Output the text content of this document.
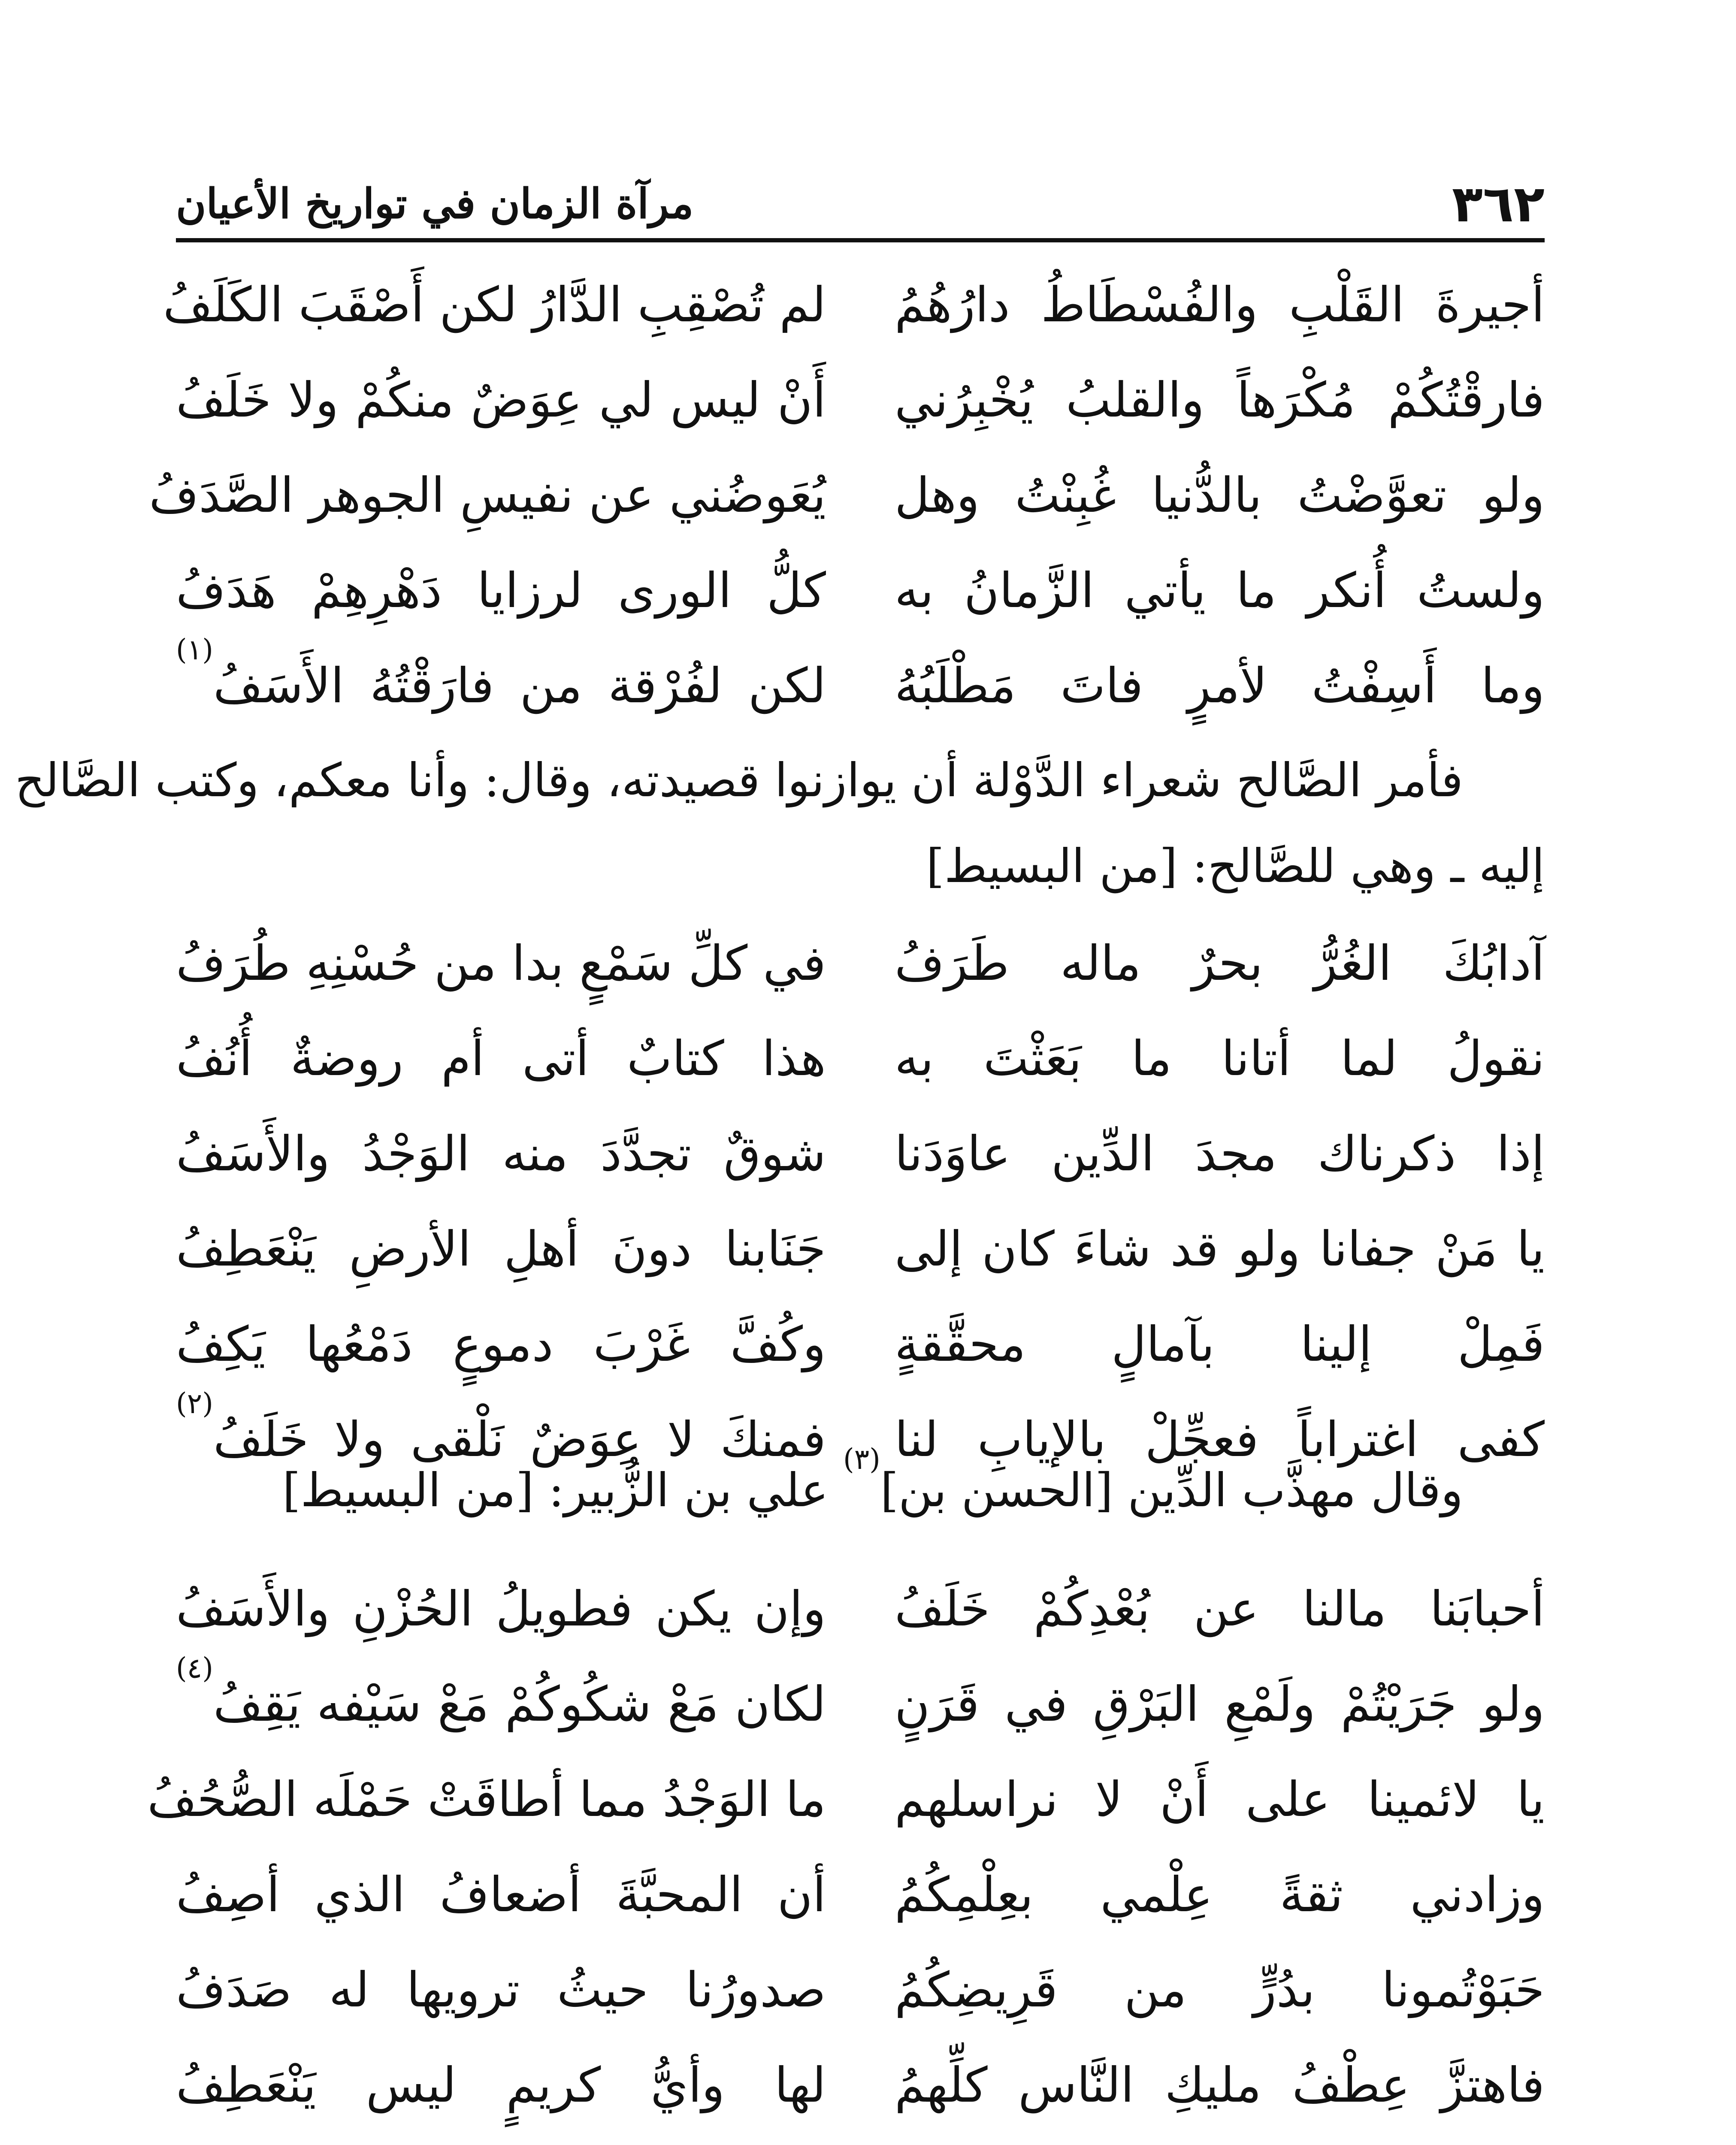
٣٦٢
مرآة الزمان في تواريخ الأعيان
أجيرةَ القَلْبِ والفُسْطَاطُ دارُهُمُ
لم تُصْقِبِ الدَّارُ لكن أَصْقَبَ الكَلَفُ
فارقْتُكُمْ مُكْرَهاً والقلبُ يُخْبِرُني
أَنْ ليس لي عِوَضٌ منكُمْ ولا خَلَفُ
ولو تعوَّضْتُ بالدُّنيا غُبِنْتُ وهل
يُعَوضُني عن نفيسِ الجوهر الصَّدَفُ
ولستُ أُنكر ما يأتي الزَّمانُ به
كلُّ الورى لرزايا دَهْرِهِمْ هَدَفُ
وما أَسِفْتُ لأمرٍ فاتَ مَطْلَبُهُ
لكن لفُرْقة من فارَقْتُهُ الأَسَفُ$^{(١)}$
فأمر الصَّالح شعراء الدَّوْلة أن يوازنوا قصيدته، وقال: وأنا معكم، وكتب الصَّالح
إليه ـ وهي للصَّالح: [من البسيط]
آدابُكَ الغُرُّ بحرٌ ماله طَرَفُ
في كلِّ سَمْعٍ بدا من حُسْنِهِ طُرَفُ
نقولُ لما أتانا ما بَعَثْتَ به
هذا كتابٌ أتى أم روضةٌ أُنُفُ
إذا ذكرناك مجدَ الدِّين عاوَدَنا
شوقٌ تجدَّدَ منه الوَجْدُ والأَسَفُ
يا مَنْ جفانا ولو قد شاءَ كان إلى
جَنَابنا دونَ أهلِ الأرضِ يَنْعَطِفُ
فَمِلْ إلينا بآمالٍ محقَّقةٍ
وكُفَّ غَرْبَ دموعٍ دَمْعُها يَكِفُ
كفى اغتراباً فعجِّلْ بالإيابِ لنا
فمنكَ لا عِوَضٌ نَلْقى ولا خَلَفُ$^{(٢)}$
وقال مهذَّب الدِّين [الحسن بن]$^{(٣)}$ علي بن الزُّبير: [من البسيط]
أحبابَنا مالنا عن بُعْدِكُمْ خَلَفُ
وإن يكن فطويلُ الحُزْنِ والأَسَفُ
ولو جَرَيْتُمْ ولَمْعِ البَرْقِ في قَرَنٍ
لكان مَعْ شكُوكُمْ مَعْ سَيْفه يَقِفُ$^{(٤)}$
يا لائمينا على أَنْ لا نراسلهم
ما الوَجْدُ مما أطاقَتْ حَمْلَه الصُّحُفُ
وزادني ثقةً عِلْمي بعِلْمِكُمُ
أن المحبَّةَ أضعافُ الذي أصِفُ
حَبَوْتُمونا بدُرٍّ من قَرِيضِكُمُ
صدورُنا حيثُ ترويها له صَدَفُ
فاهتزَّ عِطْفُ مليكِ النَّاس كلِّهمُ
لها وأيُّ كريمٍ ليس يَنْعَطِفُ
